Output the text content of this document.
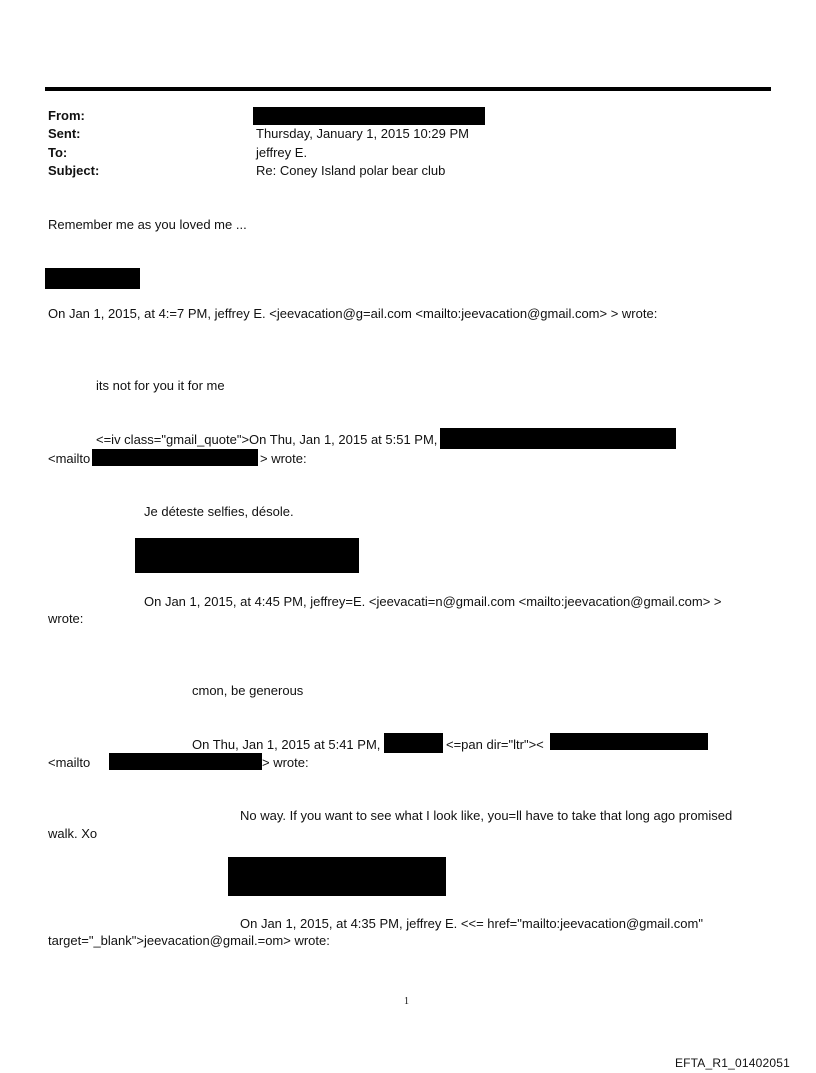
From:
Sent:	Thursday, January 1, 2015 10:29 PM
To:	jeffrey E.
Subject:	Re: Coney Island polar bear club
Remember me as you loved me ...
On Jan 1, 2015, at 4:=7 PM, jeffrey E. <jeevacation@g=ail.com <mailto:jeevacation@gmail.com> > wrote:
its not for you it for me
<=iv class="gmail_quote">On Thu, Jan 1, 2015 at 5:51 PM,
<mailto	> wrote:
Je déteste selfies, désole.
On Jan 1, 2015, at 4:45 PM, jeffrey=E. <jeevacati=n@gmail.com <mailto:jeevacation@gmail.com> >
wrote:
cmon, be generous
On Thu, Jan 1, 2015 at 5:41 PM,	<=pan dir="ltr"><
<mailto	> wrote:
No way. If you want to see what I look like, you=ll have to take that long ago promised
walk. Xo
On Jan 1, 2015, at 4:35 PM, jeffrey E. <<= href="mailto:jeevacation@gmail.com"
target="_blank">jeevacation@gmail.=om> wrote:
1
EFTA_R1_01402051
